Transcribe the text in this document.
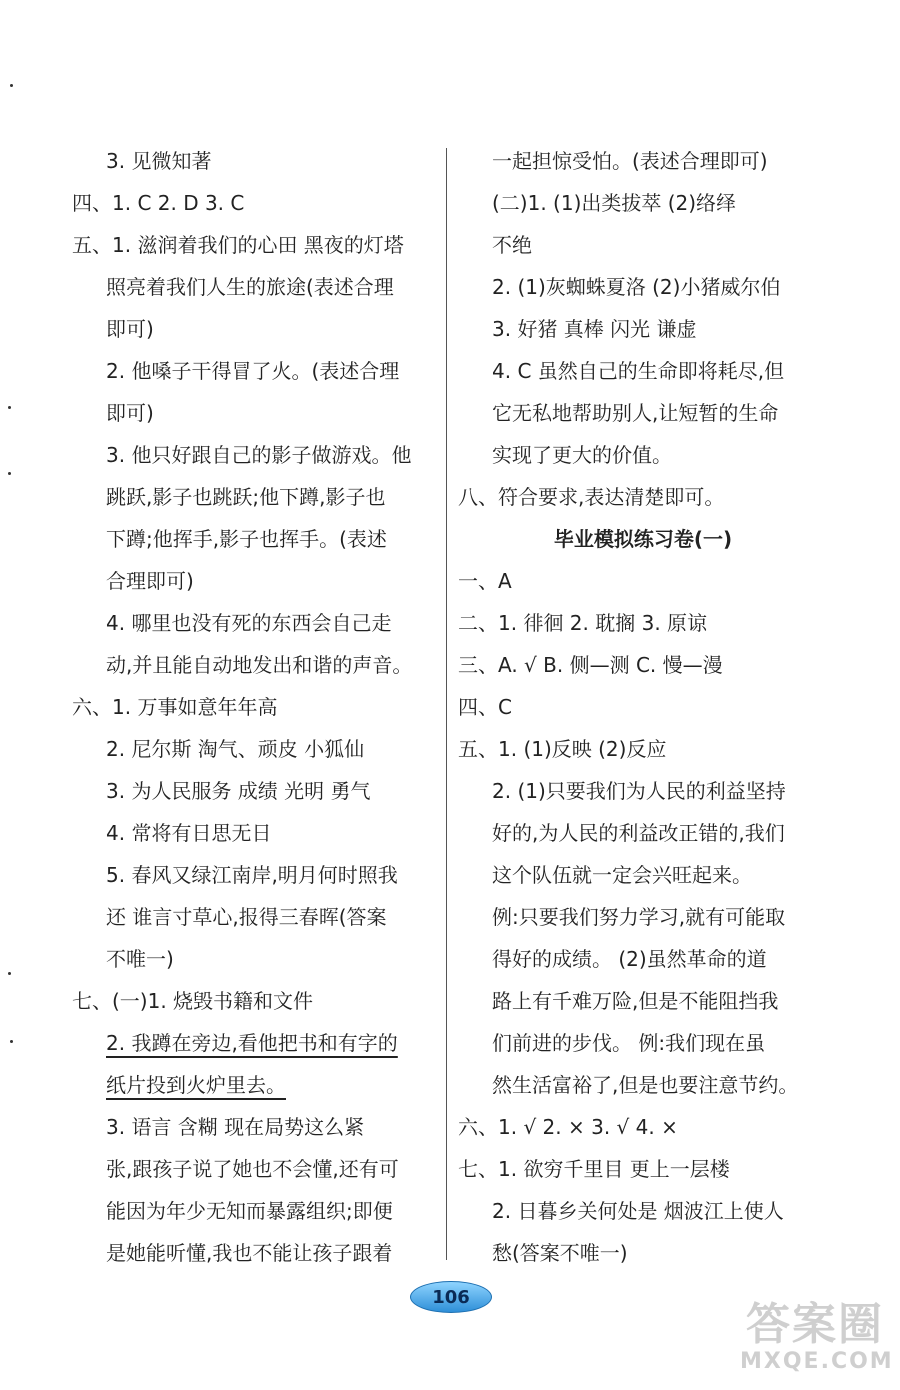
3. 见微知著
四、1. C 2. D 3. C
五、1. 滋润着我们的心田 黑夜的灯塔
照亮着我们人生的旅途(表述合理
即可)
2. 他嗓子干得冒了火。(表述合理
即可)
3. 他只好跟自己的影子做游戏。他
跳跃,影子也跳跃;他下蹲,影子也
下蹲;他挥手,影子也挥手。(表述
合理即可)
4. 哪里也没有死的东西会自己走
动,并且能自动地发出和谐的声音。
六、1. 万事如意年年高
2. 尼尔斯 淘气、顽皮 小狐仙
3. 为人民服务 成绩 光明 勇气
4. 常将有日思无日
5. 春风又绿江南岸,明月何时照我
还 谁言寸草心,报得三春晖(答案
不唯一)
七、(一)1. 烧毁书籍和文件
2. 我蹲在旁边,看他把书和有字的
纸片投到火炉里去。
3. 语言 含糊 现在局势这么紧
张,跟孩子说了她也不会懂,还有可
能因为年少无知而暴露组织;即便
是她能听懂,我也不能让孩子跟着
一起担惊受怕。(表述合理即可)
(二)1. (1)出类拔萃 (2)络绎
不绝
2. (1)灰蜘蛛夏洛 (2)小猪威尔伯
3. 好猪 真棒 闪光 谦虚
4. C 虽然自己的生命即将耗尽,但
它无私地帮助别人,让短暂的生命
实现了更大的价值。
八、符合要求,表达清楚即可。
毕业模拟练习卷(一)
一、A
二、1. 徘徊 2. 耽搁 3. 原谅
三、A. √ B. 侧—测 C. 慢—漫
四、C
五、1. (1)反映 (2)反应
2. (1)只要我们为人民的利益坚持
好的,为人民的利益改正错的,我们
这个队伍就一定会兴旺起来。
例:只要我们努力学习,就有可能取
得好的成绩。 (2)虽然革命的道
路上有千难万险,但是不能阻挡我
们前进的步伐。 例:我们现在虽
然生活富裕了,但是也要注意节约。
六、1. √ 2. × 3. √ 4. ×
七、1. 欲穷千里目 更上一层楼
2. 日暮乡关何处是 烟波江上使人
愁(答案不唯一)
106
答案圈
MXQE.COM
